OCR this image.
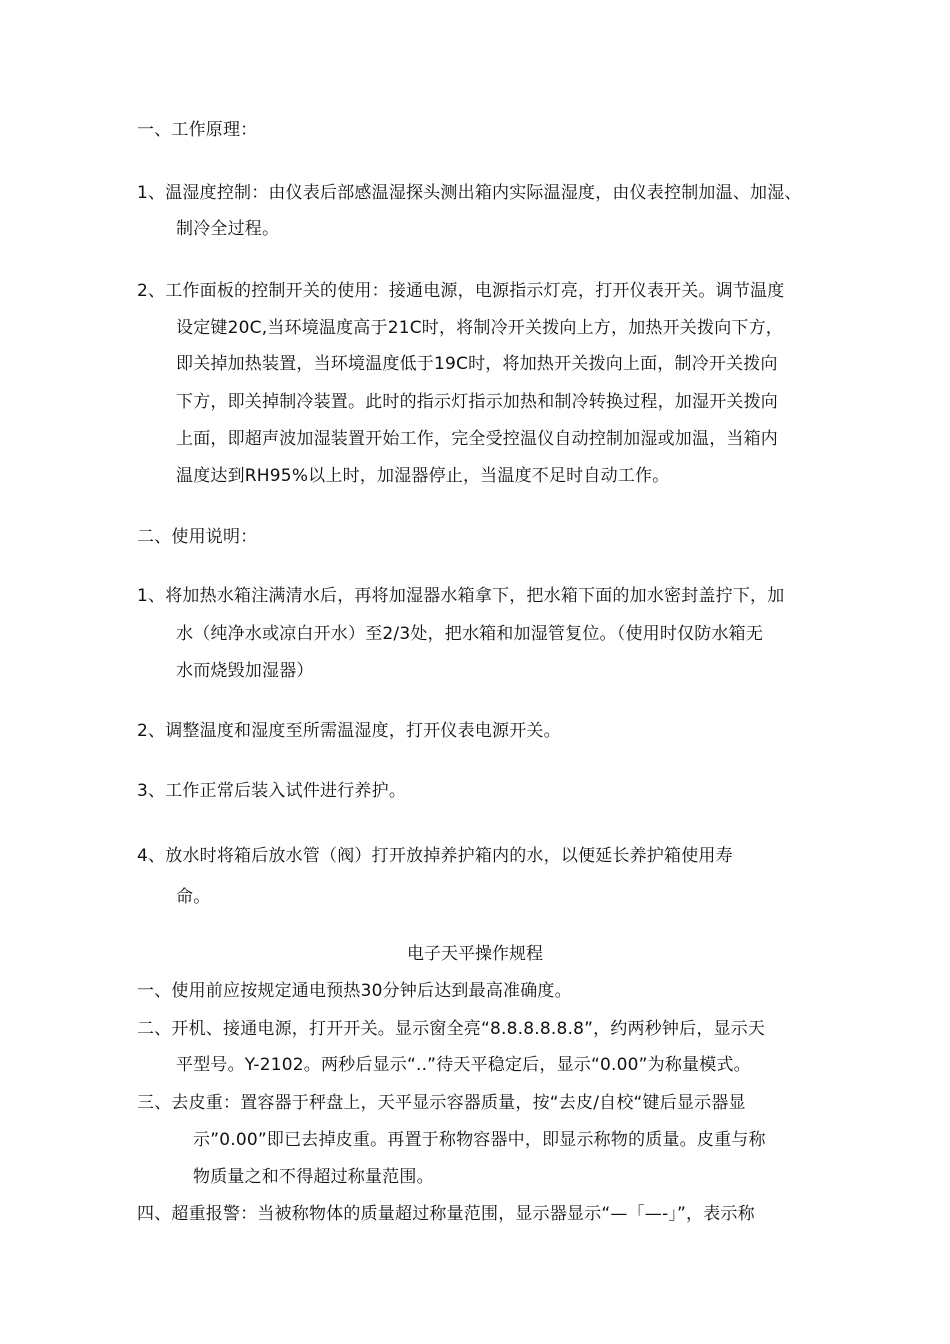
一、工作原理：
1、温湿度控制：由仪表后部感温湿探头测出箱内实际温湿度，由仪表控制加温、加湿、
制冷全过程。
2、工作面板的控制开关的使用：接通电源，电源指示灯亮，打开仪表开关。调节温度
设定键20C,当环境温度高于21C时，将制冷开关拨向上方，加热开关拨向下方，
即关掉加热装置，当环境温度低于19C时，将加热开关拨向上面，制冷开关拨向
下方，即关掉制冷装置。此时的指示灯指示加热和制冷转换过程，加湿开关拨向
上面，即超声波加湿装置开始工作，完全受控温仪自动控制加湿或加温，当箱内
温度达到RH95%以上时，加湿器停止，当温度不足时自动工作。
二、使用说明：
1、将加热水箱注满清水后，再将加湿器水箱拿下，把水箱下面的加水密封盖拧下，加
水（纯净水或凉白开水）至2/3处，把水箱和加湿管复位。（使用时仅防水箱无
水而烧毁加湿器）
2、调整温度和湿度至所需温湿度，打开仪表电源开关。
3、工作正常后装入试件进行养护。
4、放水时将箱后放水管（阀）打开放掉养护箱内的水，以便延长养护箱使用寿
命。
电子天平操作规程
一、使用前应按规定通电预热30分钟后达到最高准确度。
二、开机、接通电源，打开开关。显示窗全亮“8.8.8.8.8.8”，约两秒钟后，显示天
平型号。Y-2102。两秒后显示“..”待天平稳定后，显示“0.00”为称量模式。
三、去皮重：置容器于秤盘上，天平显示容器质量，按“去皮/自校“键后显示器显
示”0.00”即已去掉皮重。再置于称物容器中，即显示称物的质量。皮重与称
物质量之和不得超过称量范围。
四、超重报警：当被称物体的质量超过称量范围，显示器显示“—「—-」”，表示称
